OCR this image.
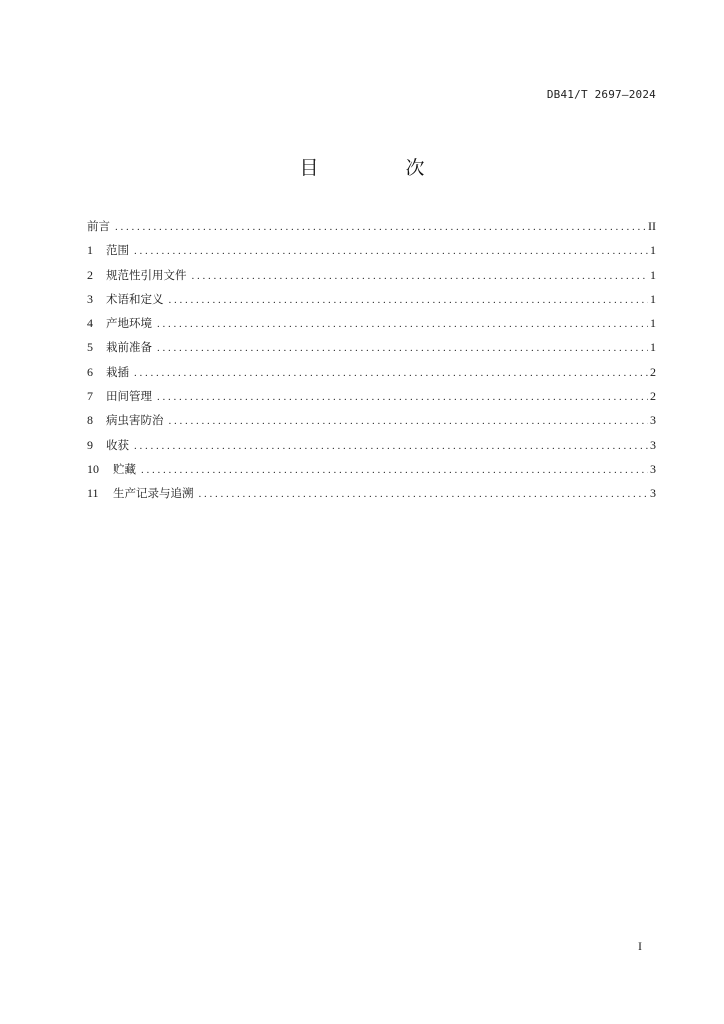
DB41/T 2697—2024
目　次
前言 . . .	II
1	范围 . . .	1
2	规范性引用文件 . . .	1
3	术语和定义 . . .	1
4	产地环境 . . .	1
5	栽前准备 . . .	1
6	栽插 . . .	2
7	田间管理 . . .	2
8	病虫害防治 . . .	3
9	收获 . . .	3
10	贮藏 . . .	3
11	生产记录与追溯 . . .	3
I
